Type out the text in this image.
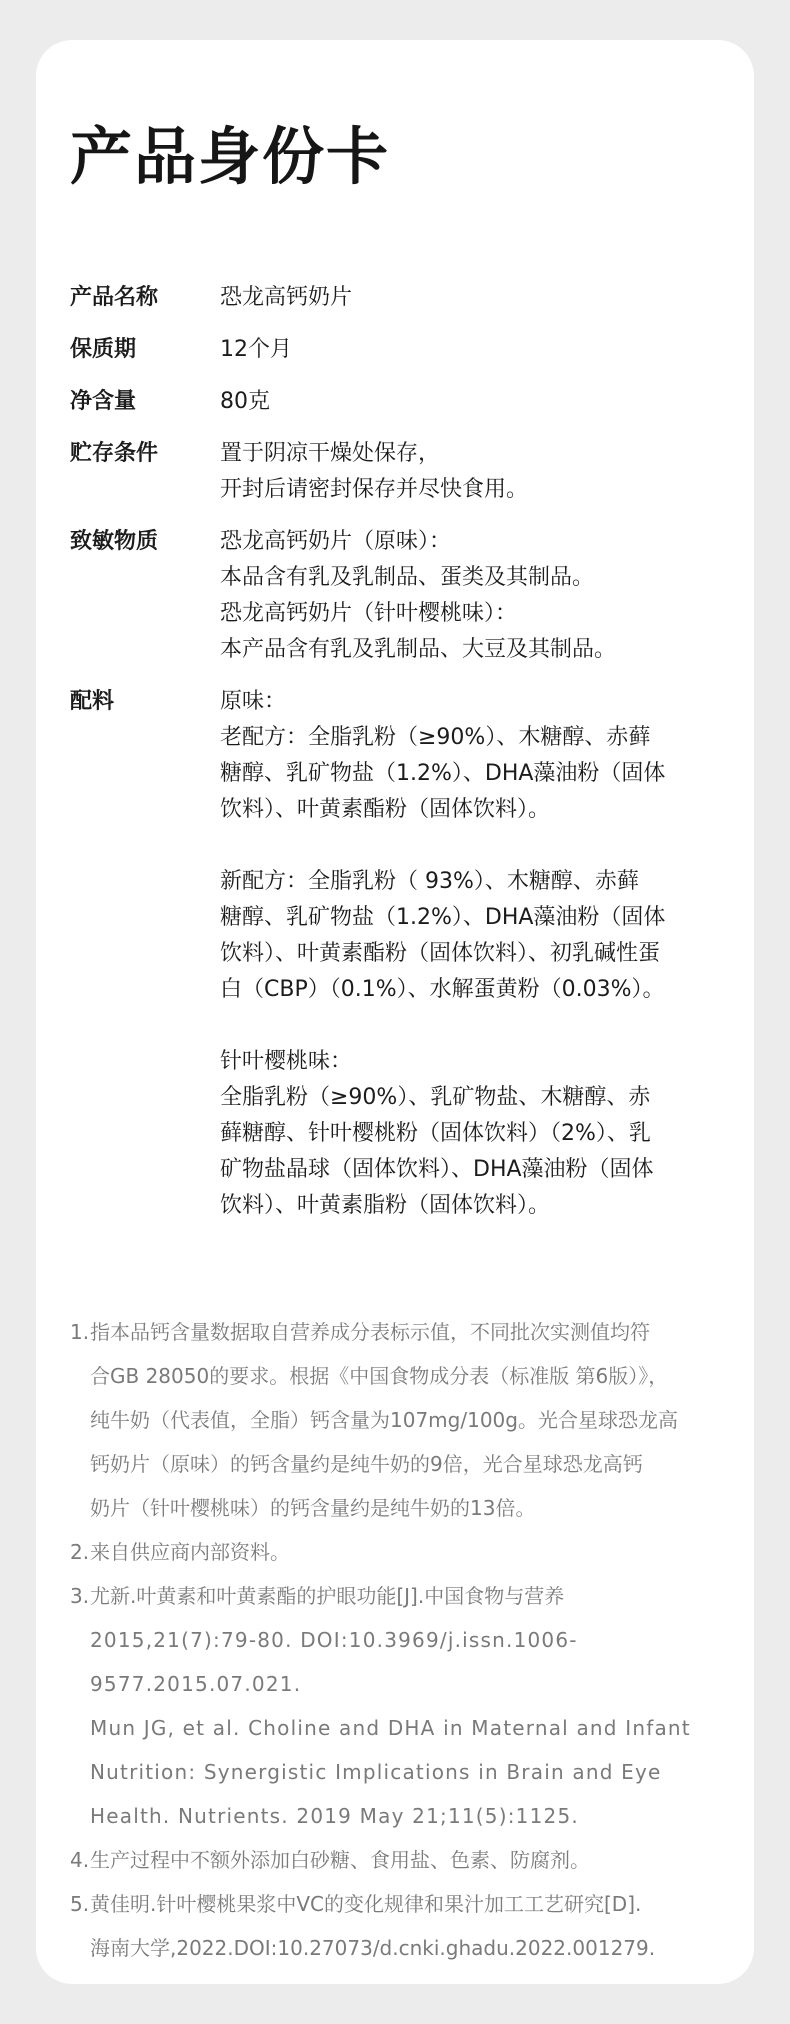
产品身份卡
产品名称	恐龙高钙奶片
保质期	12个月
净含量	80克
贮存条件	置于阴凉干燥处保存，
开封后请密封保存并尽快食用。
致敏物质	恐龙高钙奶片（原味）：
本品含有乳及乳制品、蛋类及其制品。
恐龙高钙奶片（针叶樱桃味）：
本产品含有乳及乳制品、大豆及其制品。
配料	原味：
老配方：全脂乳粉（≥90%）、木糖醇、赤藓
糖醇、乳矿物盐（1.2%）、DHA藻油粉（固体
饮料）、叶黄素酯粉（固体饮料）。
新配方：全脂乳粉（ 93%）、木糖醇、赤藓
糖醇、乳矿物盐（1.2%）、DHA藻油粉（固体
饮料）、叶黄素酯粉（固体饮料）、初乳碱性蛋
白（CBP）（0.1%）、水解蛋黄粉（0.03%）。
针叶樱桃味：
全脂乳粉（≥90%）、乳矿物盐、木糖醇、赤
藓糖醇、针叶樱桃粉（固体饮料）（2%）、乳
矿物盐晶球（固体饮料）、DHA藻油粉（固体
饮料）、叶黄素脂粉（固体饮料）。
1. 指本品钙含量数据取自营养成分表标示值，不同批次实测值均符
合GB 28050的要求。根据《中国食物成分表（标准版 第6版）》，
纯牛奶（代表值，全脂）钙含量为107mg/100g。光合星球恐龙高
钙奶片（原味）的钙含量约是纯牛奶的9倍，光合星球恐龙高钙
奶片（针叶樱桃味）的钙含量约是纯牛奶的13倍。
2. 来自供应商内部资料。
3. 尤新.叶黄素和叶黄素酯的护眼功能[J].中国食物与营养
2015,21(7):79-80. DOI:10.3969/j.issn.1006-9577.2015.07.021.
Mun JG, et al. Choline and DHA in Maternal and Infant
Nutrition: Synergistic Implications in Brain and Eye
Health. Nutrients. 2019 May 21;11(5):1125.
4. 生产过程中不额外添加白砂糖、食用盐、色素、防腐剂。
5. 黄佳明.针叶樱桃果浆中VC的变化规律和果汁加工工艺研究[D].
海南大学,2022.DOI:10.27073/d.cnki.ghadu.2022.001279.
